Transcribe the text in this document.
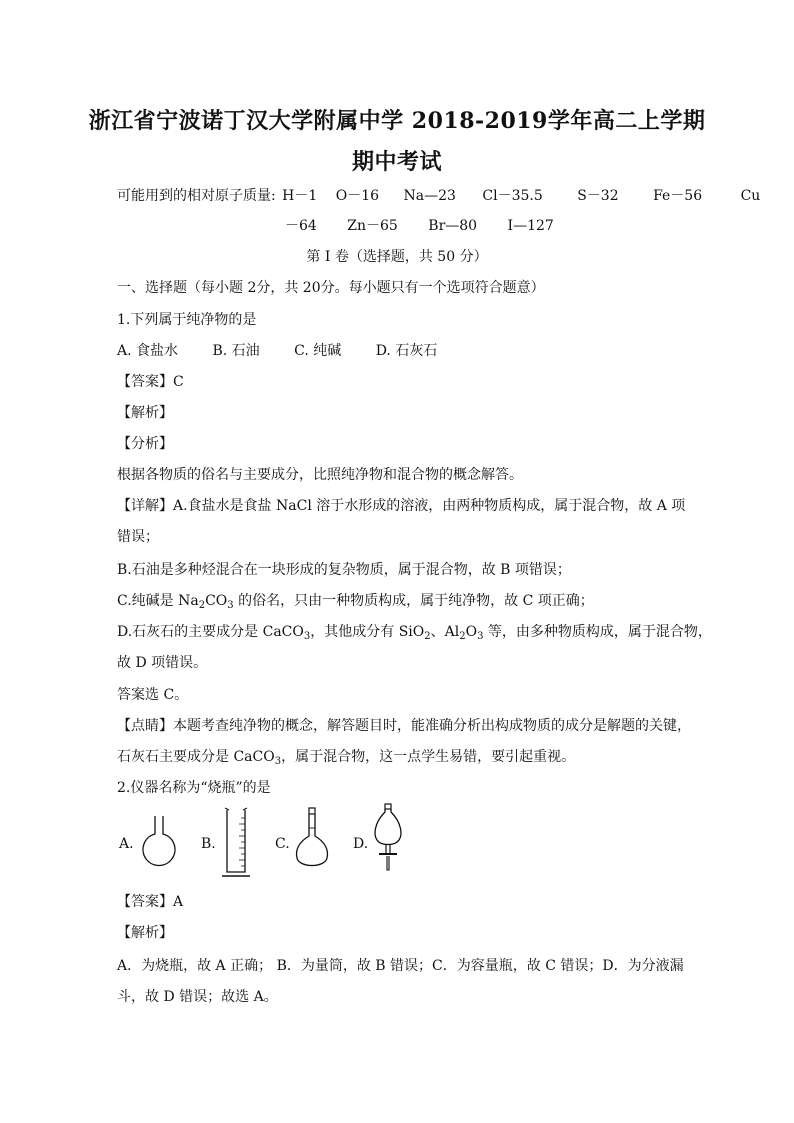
浙江省宁波诺丁汉大学附属中学 2018-2019学年高二上学期
期中考试
可能用到的相对原子质量: H－1 O－16 Na—23 Cl－35.5 S－32 Fe－56	Cu
－64 Zn－65 Br—80 I—127
第 I 卷（选择题，共 50 分）
一、选择题（每小题 2分，共 20分。每小题只有一个选项符合题意）
1.下列属于纯净物的是
A. 食盐水 B. 石油 C. 纯碱 D. 石灰石
【答案】C
【解析】
【分析】
根据各物质的俗名与主要成分，比照纯净物和混合物的概念解答。
【详解】A.食盐水是食盐 NaCl 溶于水形成的溶液，由两种物质构成，属于混合物，故 A 项
错误；
B.石油是多种烃混合在一块形成的复杂物质，属于混合物，故 B 项错误；
C.纯碱是 $Na_2CO_3$ 的俗名，只由一种物质构成，属于纯净物，故 C 项正确；
D.石灰石的主要成分是 CaCO$_3$，其他成分有 SiO$_2$、$Al_2O_3$ 等，由多种物质构成，属于混合物，
故 D 项错误。
答案选 C。
【点睛】本题考查纯净物的概念，解答题目时，能准确分析出构成物质的成分是解题的关键，
石灰石主要成分是 CaCO$_3$，属于混合物，这一点学生易错，要引起重视。
2.仪器名称为“烧瓶”的是
A.	B.	C.	D.
【答案】A
【解析】
A．为烧瓶，故 A 正确； B．为量筒，故 B 错误；C．为容量瓶，故 C 错误；D．为分液漏
斗，故 D 错误；故选 A。
